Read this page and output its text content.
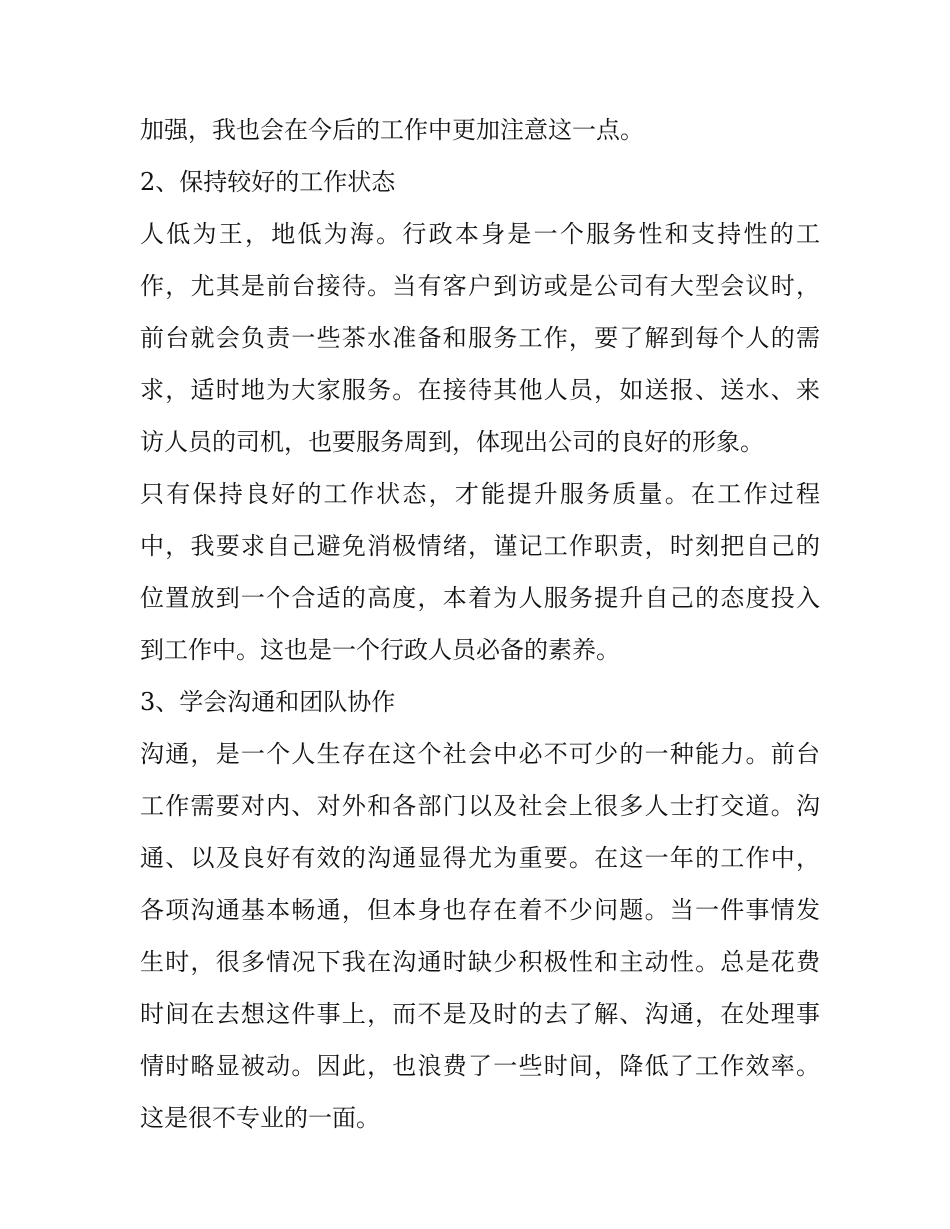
加强，我也会在今后的工作中更加注意这一点。
2、保持较好的工作状态
人低为王，地低为海。行政本身是一个服务性和支持性的工
作，尤其是前台接待。当有客户到访或是公司有大型会议时，
前台就会负责一些茶水准备和服务工作，要了解到每个人的需
求，适时地为大家服务。在接待其他人员，如送报、送水、来
访人员的司机，也要服务周到，体现出公司的良好的形象。
只有保持良好的工作状态，才能提升服务质量。在工作过程
中，我要求自己避免消极情绪，谨记工作职责，时刻把自己的
位置放到一个合适的高度，本着为人服务提升自己的态度投入
到工作中。这也是一个行政人员必备的素养。
3、学会沟通和团队协作
沟通，是一个人生存在这个社会中必不可少的一种能力。前台
工作需要对内、对外和各部门以及社会上很多人士打交道。沟
通、以及良好有效的沟通显得尤为重要。在这一年的工作中，
各项沟通基本畅通，但本身也存在着不少问题。当一件事情发
生时，很多情况下我在沟通时缺少积极性和主动性。总是花费
时间在去想这件事上，而不是及时的去了解、沟通，在处理事
情时略显被动。因此，也浪费了一些时间，降低了工作效率。
这是很不专业的一面。
